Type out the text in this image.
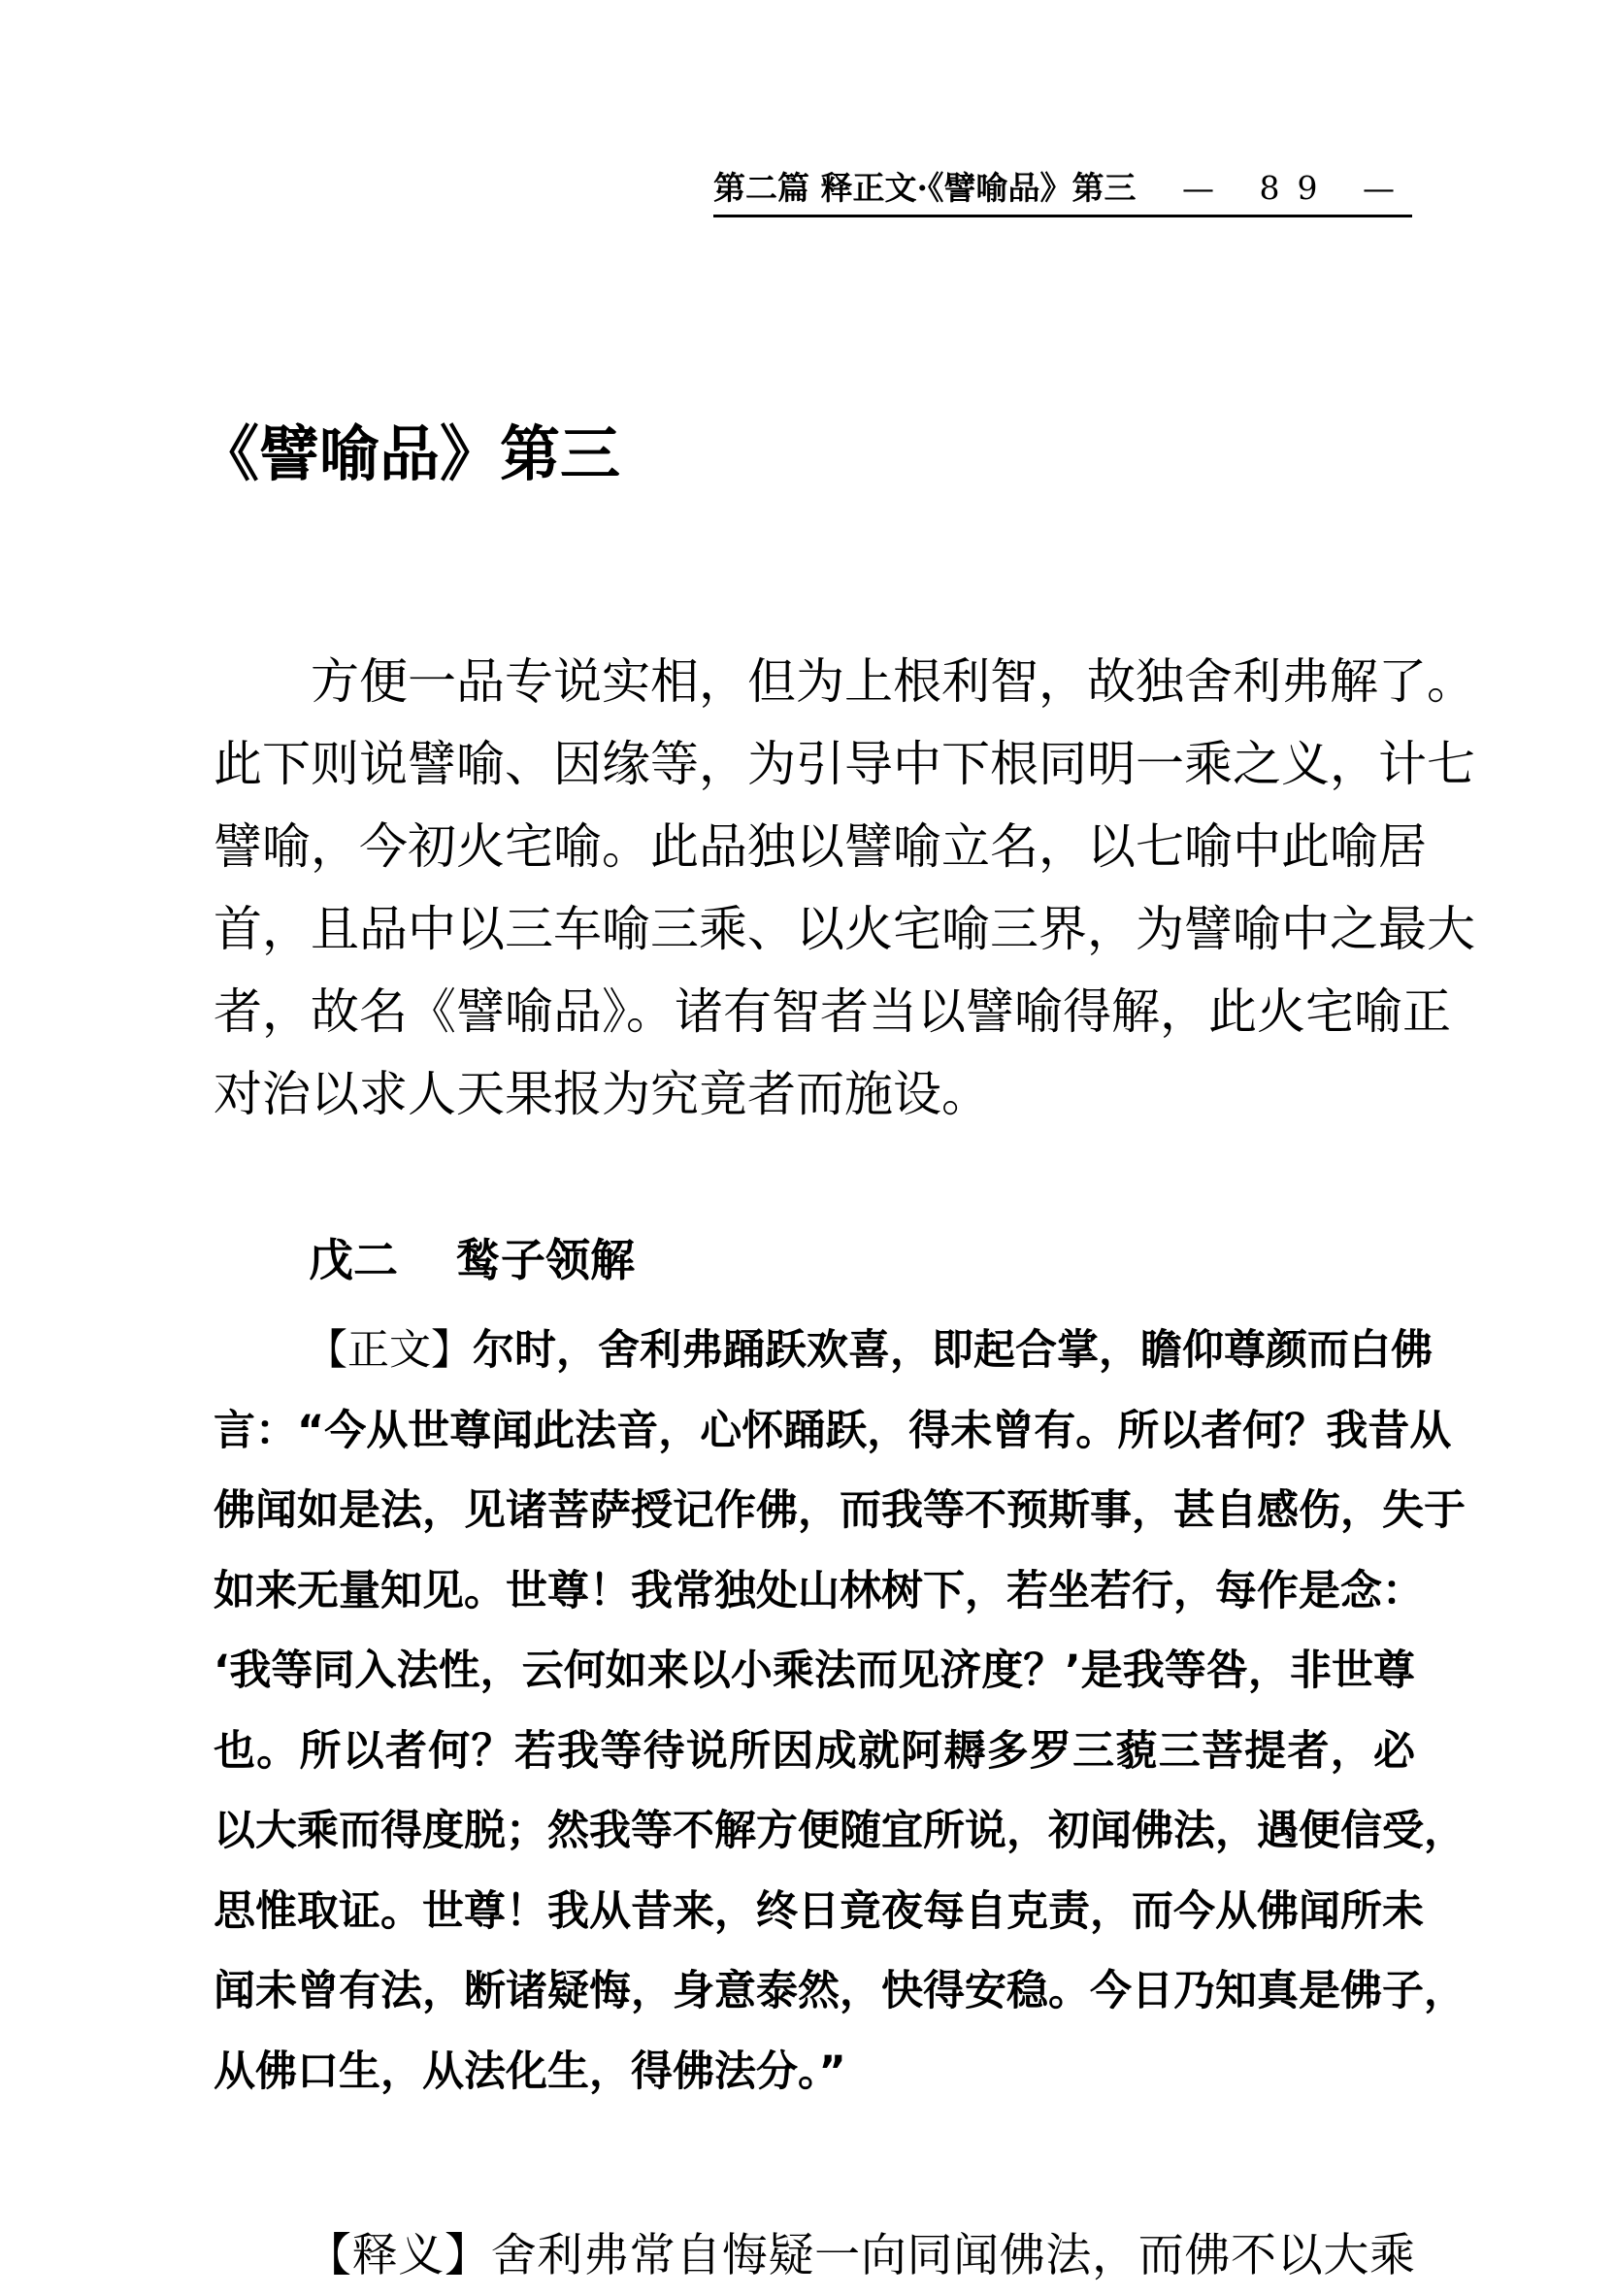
第二篇 释正文·《譬喻品》第三 — 89 —
《譬喻品》第三
方便一品专说实相，但为上根利智，故独舍利弗解了。
此下则说譬喻、因缘等，为引导中下根同明一乘之义，计七
譬喻，今初火宅喻。此品独以譬喻立名，以七喻中此喻居
首，且品中以三车喻三乘、以火宅喻三界，为譬喻中之最大
者，故名《譬喻品》。诸有智者当以譬喻得解，此火宅喻正
对治以求人天果报为究竟者而施设。
戊二 鹙子领解
【正文】尔时，舍利弗踊跃欢喜，即起合掌，瞻仰尊颜而白佛
言：“今从世尊闻此法音，心怀踊跃，得未曾有。所以者何？我昔从
佛闻如是法，见诸菩萨授记作佛，而我等不预斯事，甚自感伤，失于
如来无量知见。世尊！我常独处山林树下，若坐若行，每作是念：
‘我等同入法性，云何如来以小乘法而见济度？’是我等咎，非世尊
也。所以者何？若我等待说所因成就阿耨多罗三藐三菩提者，必
以大乘而得度脱；然我等不解方便随宜所说，初闻佛法，遇便信受，
思惟取证。世尊！我从昔来，终日竟夜每自克责，而今从佛闻所未
闻未曾有法，断诸疑悔，身意泰然，快得安稳。今日乃知真是佛子，
从佛口生，从法化生，得佛法分。”
【释义】舍利弗常自悔疑一向同闻佛法，而佛不以大乘
